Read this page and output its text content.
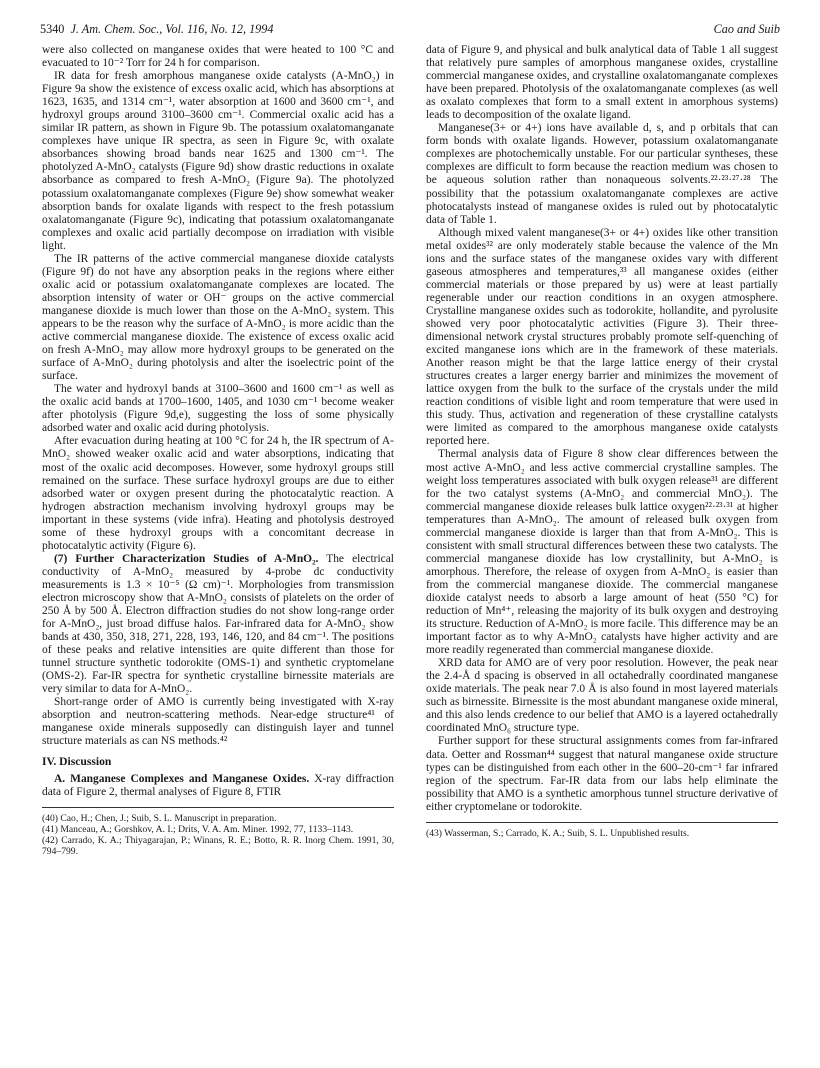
5340 J. Am. Chem. Soc., Vol. 116, No. 12, 1994	Cao and Suib

were also collected on manganese oxides that were heated to 100 °C and evacuated to 10⁻² Torr for 24 h for comparison.

IR data for fresh amorphous manganese oxide catalysts (A-MnO₂) in Figure 9a show the existence of excess oxalic acid, which has absorptions at 1623, 1635, and 1314 cm⁻¹, water absorption at 1600 and 3600 cm⁻¹, and hydroxyl groups around 3100–3600 cm⁻¹. Commercial oxalic acid has a similar IR pattern, as shown in Figure 9b. The potassium oxalatomanganate complexes have unique IR spectra, as seen in Figure 9c, with oxalate absorbances showing broad bands near 1625 and 1300 cm⁻¹. The photolyzed A-MnO₂ catalysts (Figure 9d) show drastic reductions in oxalate absorbance as compared to fresh A-MnO₂ (Figure 9a). The photolyzed potassium oxalatomanganate complexes (Figure 9e) show somewhat weaker absorption bands for oxalate ligands with respect to the fresh potassium oxalatomanganate (Figure 9c), indicating that potassium oxalatomanganate complexes and oxalic acid partially decompose on irradiation with visible light.

The IR patterns of the active commercial manganese dioxide catalysts (Figure 9f) do not have any absorption peaks in the regions where either oxalic acid or potassium oxalatomanganate complexes are located. The absorption intensity of water or OH⁻ groups on the active commercial manganese dioxide is much lower than those on the A-MnO₂ system. This appears to be the reason why the surface of A-MnO₂ is more acidic than the active commercial manganese dioxide. The existence of excess oxalic acid on fresh A-MnO₂ may allow more hydroxyl groups to be generated on the surface of A-MnO₂ during photolysis and alter the isoelectric point of the surface.

The water and hydroxyl bands at 3100–3600 and 1600 cm⁻¹ as well as the oxalic acid bands at 1700–1600, 1405, and 1030 cm⁻¹ become weaker after photolysis (Figure 9d,e), suggesting the loss of some physically adsorbed water and oxalic acid during photolysis.

After evacuation during heating at 100 °C for 24 h, the IR spectrum of A-MnO₂ showed weaker oxalic acid and water absorptions, indicating that most of the oxalic acid decomposes. However, some hydroxyl groups still remained on the surface. These surface hydroxyl groups are due to either adsorbed water or oxygen present during the photocatalytic reaction. A hydrogen abstraction mechanism involving hydroxyl groups may be important in these systems (vide infra). Heating and photolysis destroyed some of these hydroxyl groups with a concomitant decrease in photocatalytic activity (Figure 6).

(7) Further Characterization Studies of A-MnO₂. The electrical conductivity of A-MnO₂ measured by 4-probe dc conductivity measurements is 1.3 × 10⁻⁵ (Ω cm)⁻¹. Morphologies from transmission electron microscopy show that A-MnO₂ consists of platelets on the order of 250 Å by 500 Å. Electron diffraction studies do not show long-range order for A-MnO₂, just broad diffuse halos. Far-infrared data for A-MnO₂ show bands at 430, 350, 318, 271, 228, 193, 146, 120, and 84 cm⁻¹. The positions of these peaks and relative intensities are quite different than those for tunnel structure synthetic todorokite (OMS-1) and synthetic cryptomelane (OMS-2). Far-IR spectra for synthetic crystalline birnessite materials are very similar to data for A-MnO₂.

Short-range order of AMO is currently being investigated with X-ray absorption and neutron-scattering methods. Near-edge structure⁴¹ of manganese oxide minerals supposedly can distinguish layer and tunnel structure materials as can NS methods.⁴²

IV. Discussion

A. Manganese Complexes and Manganese Oxides. X-ray diffraction data of Figure 2, thermal analyses of Figure 8, FTIR

(40) Cao, H.; Chen, J.; Suib, S. L. Manuscript in preparation.
(41) Manceau, A.; Gorshkov, A. I.; Drits, V. A. Am. Miner. 1992, 77, 1133–1143.
(42) Carrado, K. A.; Thiyagarajan, P.; Winans, R. E.; Botto, R. R. Inorg Chem. 1991, 30, 794–799.

data of Figure 9, and physical and bulk analytical data of Table 1 all suggest that relatively pure samples of amorphous manganese oxides, crystalline commercial manganese oxides, and crystalline oxalatomanganate complexes have been prepared. Photolysis of the oxalatomanganate complexes (as well as oxalato complexes that form to a small extent in amorphous systems) leads to decomposition of the oxalate ligand.

Manganese(3+ or 4+) ions have available d, s, and p orbitals that can form bonds with oxalate ligands. However, potassium oxalatomanganate complexes are photochemically unstable. For our particular syntheses, these complexes are difficult to form because the reaction medium was chosen to be aqueous solution rather than nonaqueous solvents.²²·²³·²⁷·²⁸ The possibility that the potassium oxalatomanganate complexes are active photocatalysts instead of manganese oxides is ruled out by photocatalytic data of Table 1.

Although mixed valent manganese(3+ or 4+) oxides like other transition metal oxides³² are only moderately stable because the valence of the Mn ions and the surface states of the manganese oxides vary with different gaseous atmospheres and temperatures,³³ all manganese oxides (either commercial materials or those prepared by us) were at least partially regenerable under our reaction conditions in an oxygen atmosphere. Crystalline manganese oxides such as todorokite, hollandite, and pyrolusite showed very poor photocatalytic activities (Figure 3). Their three-dimensional network crystal structures probably promote self-quenching of excited manganese ions which are in the framework of these materials. Another reason might be that the large lattice energy of their crystal structures creates a larger energy barrier and minimizes the movement of lattice oxygen from the bulk to the surface of the crystals under the mild reaction conditions of visible light and room temperature that were used in this study. Thus, activation and regeneration of these crystalline catalysts were limited as compared to the amorphous manganese oxide catalysts reported here.

Thermal analysis data of Figure 8 show clear differences between the most active A-MnO₂ and less active commercial crystalline samples. The weight loss temperatures associated with bulk oxygen release³¹ are different for the two catalyst systems (A-MnO₂ and commercial MnO₂). The commercial manganese dioxide releases bulk lattice oxygen²²·²³·³¹ at higher temperatures than A-MnO₂. The amount of released bulk oxygen from commercial manganese dioxide is larger than that from A-MnO₂. This is consistent with small structural differences between these two catalysts. The commercial manganese dioxide has low crystallinity, but A-MnO₂ is amorphous. Therefore, the release of oxygen from A-MnO₂ is easier than from the commercial manganese dioxide. The commercial manganese dioxide catalyst needs to absorb a large amount of heat (550 °C) for reduction of Mn⁴⁺, releasing the majority of its bulk oxygen and destroying its structure. Reduction of A-MnO₂ is more facile. This difference may be an important factor as to why A-MnO₂ catalysts have higher activity and are more readily regenerated than commercial manganese dioxide.

XRD data for AMO are of very poor resolution. However, the peak near the 2.4-Å d spacing is observed in all octahedrally coordinated manganese oxide materials. The peak near 7.0 Å is also found in most layered materials such as birnessite. Birnessite is the most abundant manganese oxide mineral, and this also lends credence to our belief that AMO is a layered octahedrally coordinated MnO₆ structure type.

Further support for these structural assignments comes from far-infrared data. Oetter and Rossman⁴⁴ suggest that natural manganese oxide structure types can be distinguished from each other in the 600–20-cm⁻¹ far infrared region of the spectrum. Far-IR data from our labs help eliminate the possibility that AMO is a synthetic amorphous tunnel structure derivative of either cryptomelane or todorokite.

(43) Wasserman, S.; Carrado, K. A.; Suib, S. L. Unpublished results.
